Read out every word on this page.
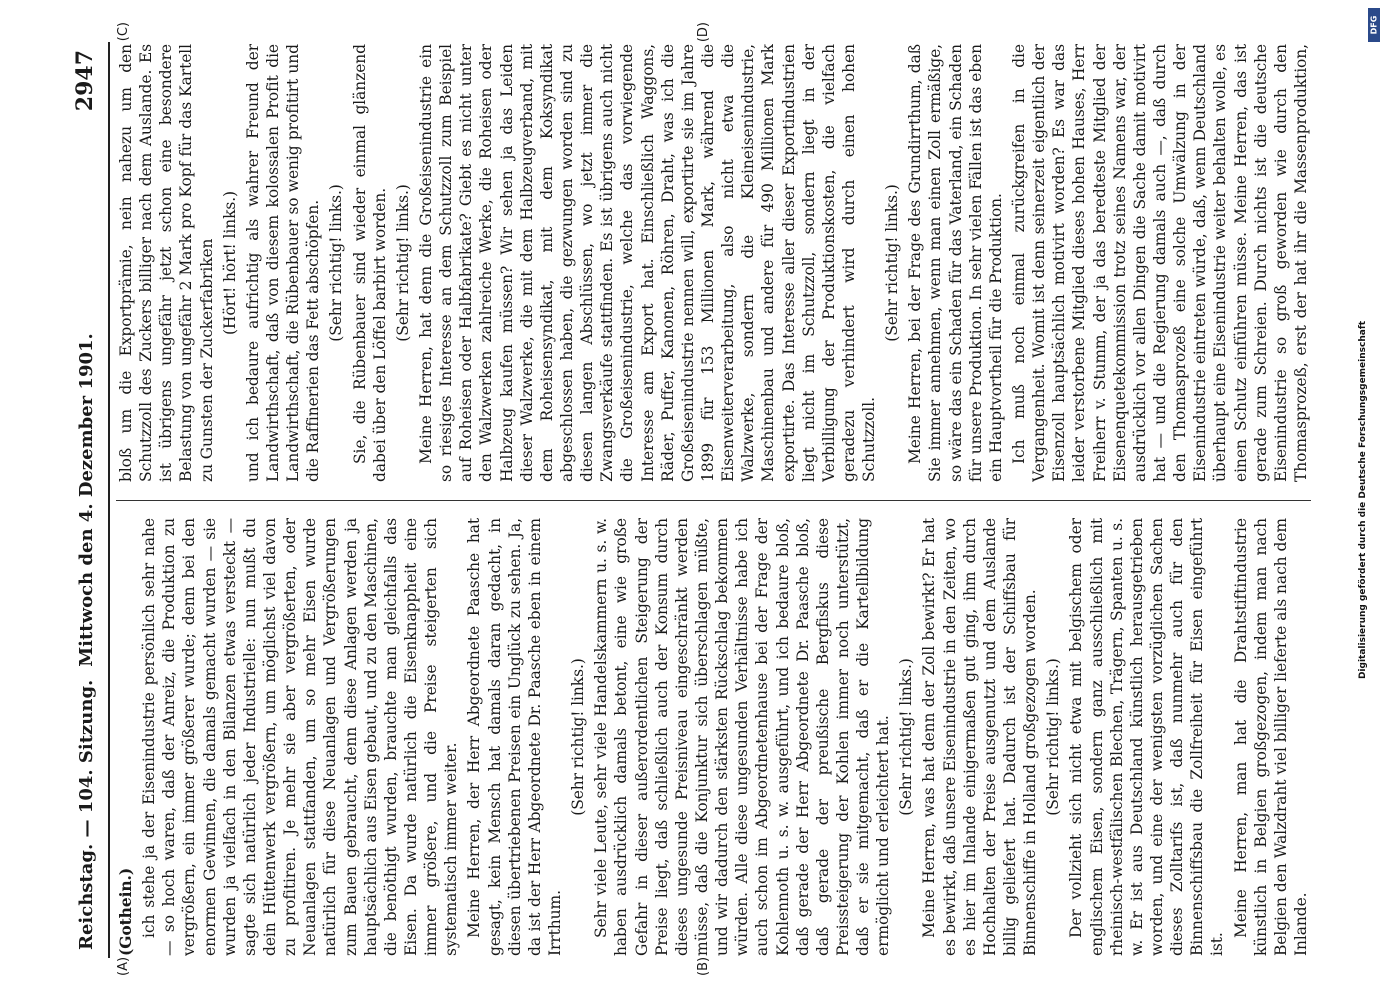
Reichstag. — 104. Sitzung.
Mittwoch den 4. Dezember 1901.
2947
(A)	(B)
(C)	(D)

(Gothein.) ich stehe ja der Eisenindustrie persönlich sehr nahe — so hoch waren, daß der Anreiz, die Produktion zu vergrößern, ein immer größerer wurde; denn bei den enormen Gewinnen, die damals gemacht wurden — sie wurden ja vielfach in den Bilanzen etwas versteckt — sagte sich natürlich jeder Industrielle: nun mußt du dein Hüttenwerk vergrößern, um möglichst viel davon zu profitiren. Je mehr sie aber vergrößerten, oder Neuanlagen stattfanden, um so mehr Eisen wurde natürlich für diese Neuanlagen und Vergrößerungen zum Bauen gebraucht, denn diese Anlagen werden ja hauptsächlich aus Eisen gebaut, und zu den Maschinen, die benöthigt wurden, brauchte man gleichfalls das Eisen. Da wurde natürlich die Eisenknappheit eine immer größere, und die Preise steigerten sich systematisch immer weiter. Meine Herren, der Herr Abgeordnete Paasche hat gesagt, kein Mensch hat damals daran gedacht, in diesen übertriebenen Preisen ein Unglück zu sehen. Ja, da ist der Herr Abgeordnete Dr. Paasche eben in einem Irrthum.

(Sehr richtig! links.) Sehr viele Leute, sehr viele Handelskammern u. s. w. haben ausdrücklich damals betont, eine wie große Gefahr in dieser außerordentlichen Steigerung der Preise liegt, daß schließlich auch der Konsum durch dieses ungesunde Preisniveau eingeschränkt werden müsse, daß die Konjunktur sich überschlagen müßte, und wir dadurch den stärksten Rückschlag bekommen würden. Alle diese ungesunden Verhältnisse habe ich auch schon im Abgeordnetenhause bei der Frage der Kohlennoth u. s. w. ausgeführt, und ich bedaure bloß, daß gerade der Herr Abgeordnete Dr. Paasche bloß, daß gerade der preußische Bergfiskus diese Preissteigerung der Kohlen immer noch unterstützt, daß er sie mitgemacht, daß er die Kartellbildung ermöglicht und erleichtert hat. (Sehr richtig! links.) Meine Herren, was hat denn der Zoll bewirkt? Er hat es bewirkt, daß unsere Eisenindustrie in den Zeiten, wo es hier im Inlande einigermaßen gut ging, ihm durch Hochhalten der Preise ausgenutzt und dem Auslande billig geliefert hat. Dadurch ist der Schiffsbau für Binnenschiffe in Holland großgezogen worden. (Sehr richtig! links.) Der vollzieht sich nicht etwa mit belgischem oder englischem Eisen, sondern ganz ausschließlich mit rheinisch-westfälischen Blechen, Trägern, Spanten u. s. w. Er ist aus Deutschland künstlich herausgetrieben worden, und eine der wenigsten vorzüglichen Sachen dieses Zolltarifs ist, daß nunmehr auch für den Binnenschiffsbau die Zollfreiheit für Eisen eingeführt ist.

Meine Herren, man hat die Drahtstiftindustrie künstlich in Belgien großgezogen, indem man nach Belgien den Walzdraht viel billiger lieferte als nach dem Inlande.

bloß um die Exportprämie, nein nahezu um den Schutzzoll des Zuckers billiger nach dem Auslande. Es ist übrigens ungefähr jetzt schon eine besondere Belastung von ungefähr 2 Mark pro Kopf für das Kartell zu Gunsten der Zuckerfabriken (Hört! hört! links.) und ich bedaure aufrichtig als wahrer Freund der Landwirthschaft, daß von diesem kolossalen Profit die Landwirthschaft, die Rübenbauer so wenig profitirt und die Raffinerien das Fett abschöpfen. (Sehr richtig! links.) Sie, die Rübenbauer sind wieder einmal glänzend dabei über den Löffel barbirt worden. (Sehr richtig! links.) Meine Herren, hat denn die Großeisenindustrie ein so riesiges Interesse an dem Schutzzoll zum Beispiel auf Roheisen oder Halbfabrikate? Giebt es nicht unter den Walzwerken zahlreiche Werke, die Roheisen oder Halbzeug kaufen müssen? Wir sehen ja das Leiden dieser Walzwerke, die mit dem Halbzeugverband, mit dem Roheisensyndikat, mit dem Koksyndikat abgeschlossen haben, die gezwungen worden sind zu diesen langen Abschlüssen, wo jetzt immer die Zwangsverkäufe stattfinden. Es ist übrigens auch nicht die Großeisenindustrie, welche das vorwiegende Interesse am Export hat. Einschließlich Waggons, Räder, Puffer, Kanonen, Röhren, Draht, was ich die Großeisenindustrie nennen will, exportirte sie im Jahre 1899 für 153 Millionen Mark, während die Eisenweiterverarbeitung, also nicht etwa die Walzwerke, sondern die Kleineisenindustrie, Maschinenbau und andere für 490 Millionen Mark exportirte. Das Interesse aller dieser Exportindustrien liegt nicht im Schutzzoll, sondern liegt in der Verbilligung der Produktionskosten, die vielfach geradezu verhindert wird durch einen hohen Schutzzoll.

(Sehr richtig! links.) Meine Herren, bei der Frage des Grundirrthum, daß Sie immer annehmen, wenn man einen Zoll ermäßige, so wäre das ein Schaden für das Vaterland, ein Schaden für unsere Produktion. In sehr vielen Fällen ist das eben ein Hauptvortheil für die Produktion. Ich muß noch einmal zurückgreifen in die Vergangenheit. Womit ist denn seinerzeit eigentlich der Eisenzoll hauptsächlich motivirt worden? Es war das leider verstorbene Mitglied dieses hohen Hauses, Herr Freiherr v. Stumm, der ja das beredteste Mitglied der Eisenenquetekommission trotz seines Namens war, der ausdrücklich vor allen Dingen die Sache damit motivirt hat — und die Regierung damals auch —, daß durch den Thomasprozeß eine solche Umwälzung in der Eisenindustrie eintreten würde, daß, wenn Deutschland überhaupt eine Eisenindustrie weiter behalten wolle, es einen Schutz einführen müsse. Meine Herren, das ist gerade zum Schreien. Durch nichts ist die deutsche Eisenindustrie so groß geworden wie durch den Thomasprozeß, erst der hat ihr die Massenproduktion,

DFG
Digitalisierung gefördert durch die Deutsche Forschungsgemeinschaft
